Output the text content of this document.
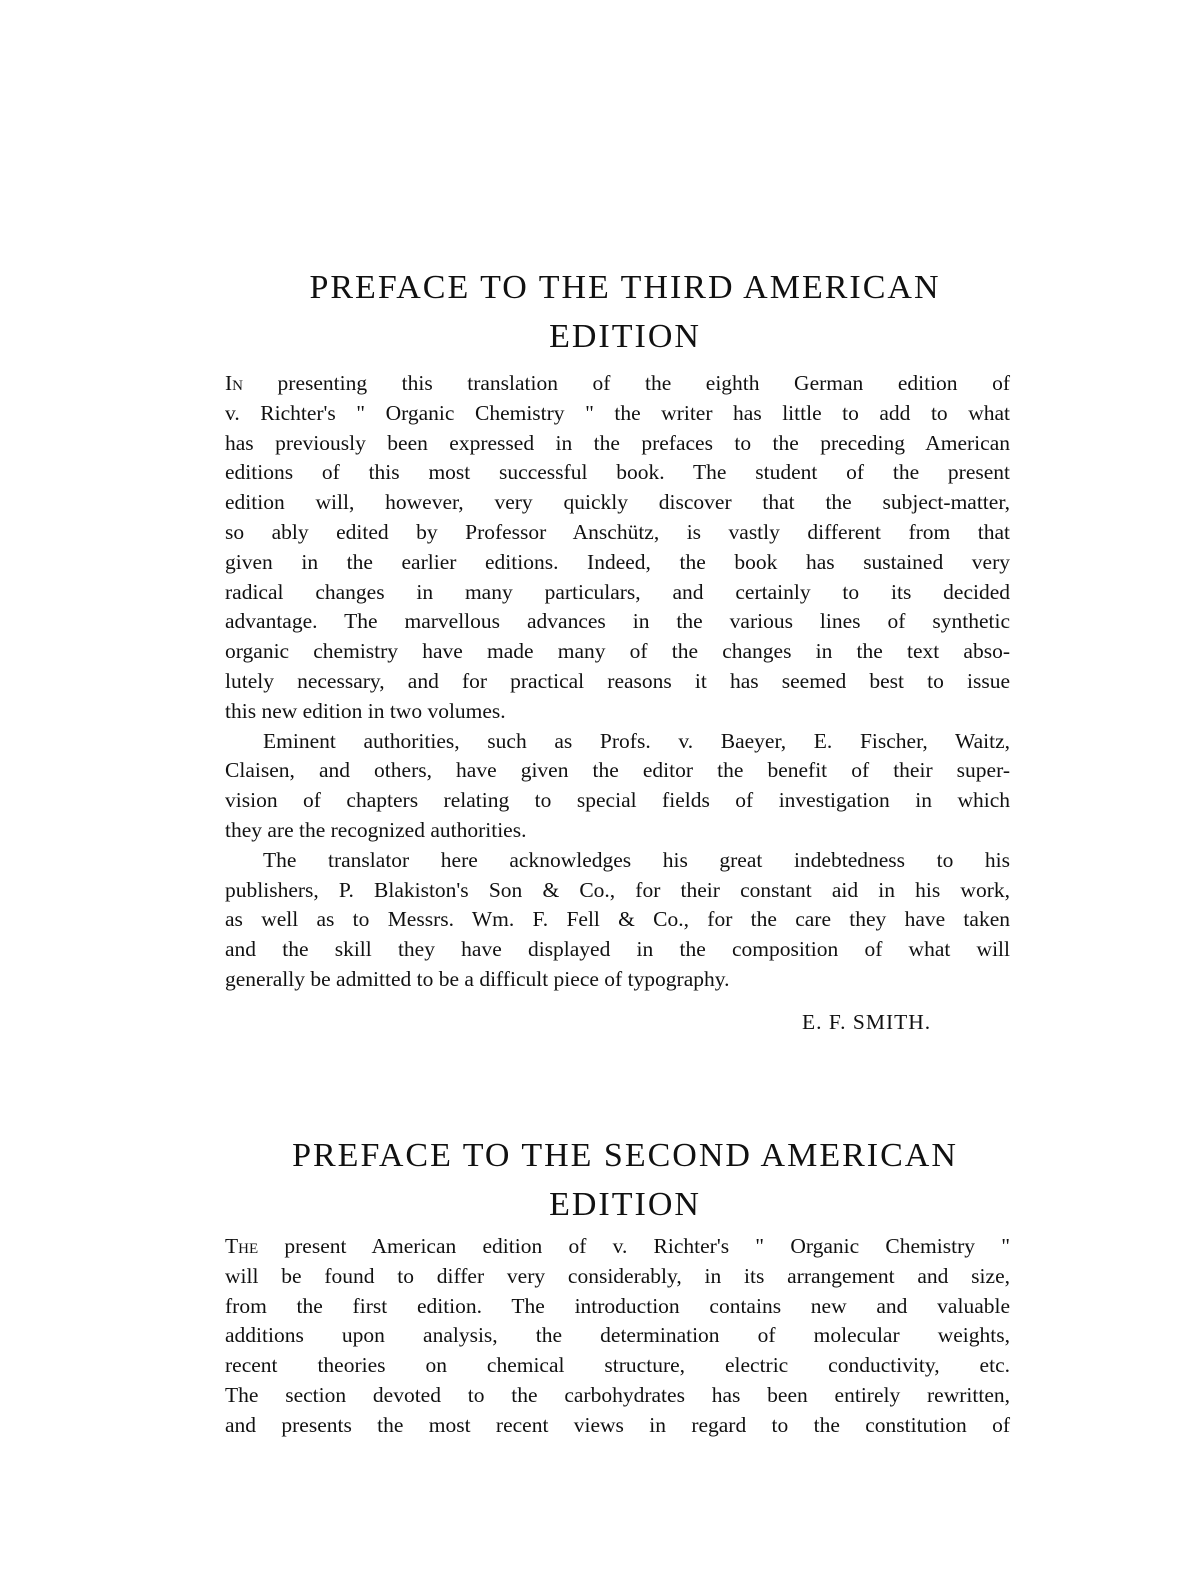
PREFACE TO THE THIRD AMERICAN
EDITION
In presenting this translation of the eighth German edition of
v. Richter's " Organic Chemistry " the writer has little to add to what
has previously been expressed in the prefaces to the preceding American
editions of this most successful book. The student of the present
edition will, however, very quickly discover that the subject-matter,
so ably edited by Professor Anschütz, is vastly different from that
given in the earlier editions. Indeed, the book has sustained very
radical changes in many particulars, and certainly to its decided
advantage. The marvellous advances in the various lines of synthetic
organic chemistry have made many of the changes in the text abso-
lutely necessary, and for practical reasons it has seemed best to issue
this new edition in two volumes.
Eminent authorities, such as Profs. v. Baeyer, E. Fischer, Waitz,
Claisen, and others, have given the editor the benefit of their super-
vision of chapters relating to special fields of investigation in which
they are the recognized authorities.
The translator here acknowledges his great indebtedness to his
publishers, P. Blakiston's Son & Co., for their constant aid in his work,
as well as to Messrs. Wm. F. Fell & Co., for the care they have taken
and the skill they have displayed in the composition of what will
generally be admitted to be a difficult piece of typography.
E. F. SMITH.
PREFACE TO THE SECOND AMERICAN
EDITION
The present American edition of v. Richter's " Organic Chemistry "
will be found to differ very considerably, in its arrangement and size,
from the first edition. The introduction contains new and valuable
additions upon analysis, the determination of molecular weights,
recent theories on chemical structure, electric conductivity, etc.
The section devoted to the carbohydrates has been entirely rewritten,
and presents the most recent views in regard to the constitution of
